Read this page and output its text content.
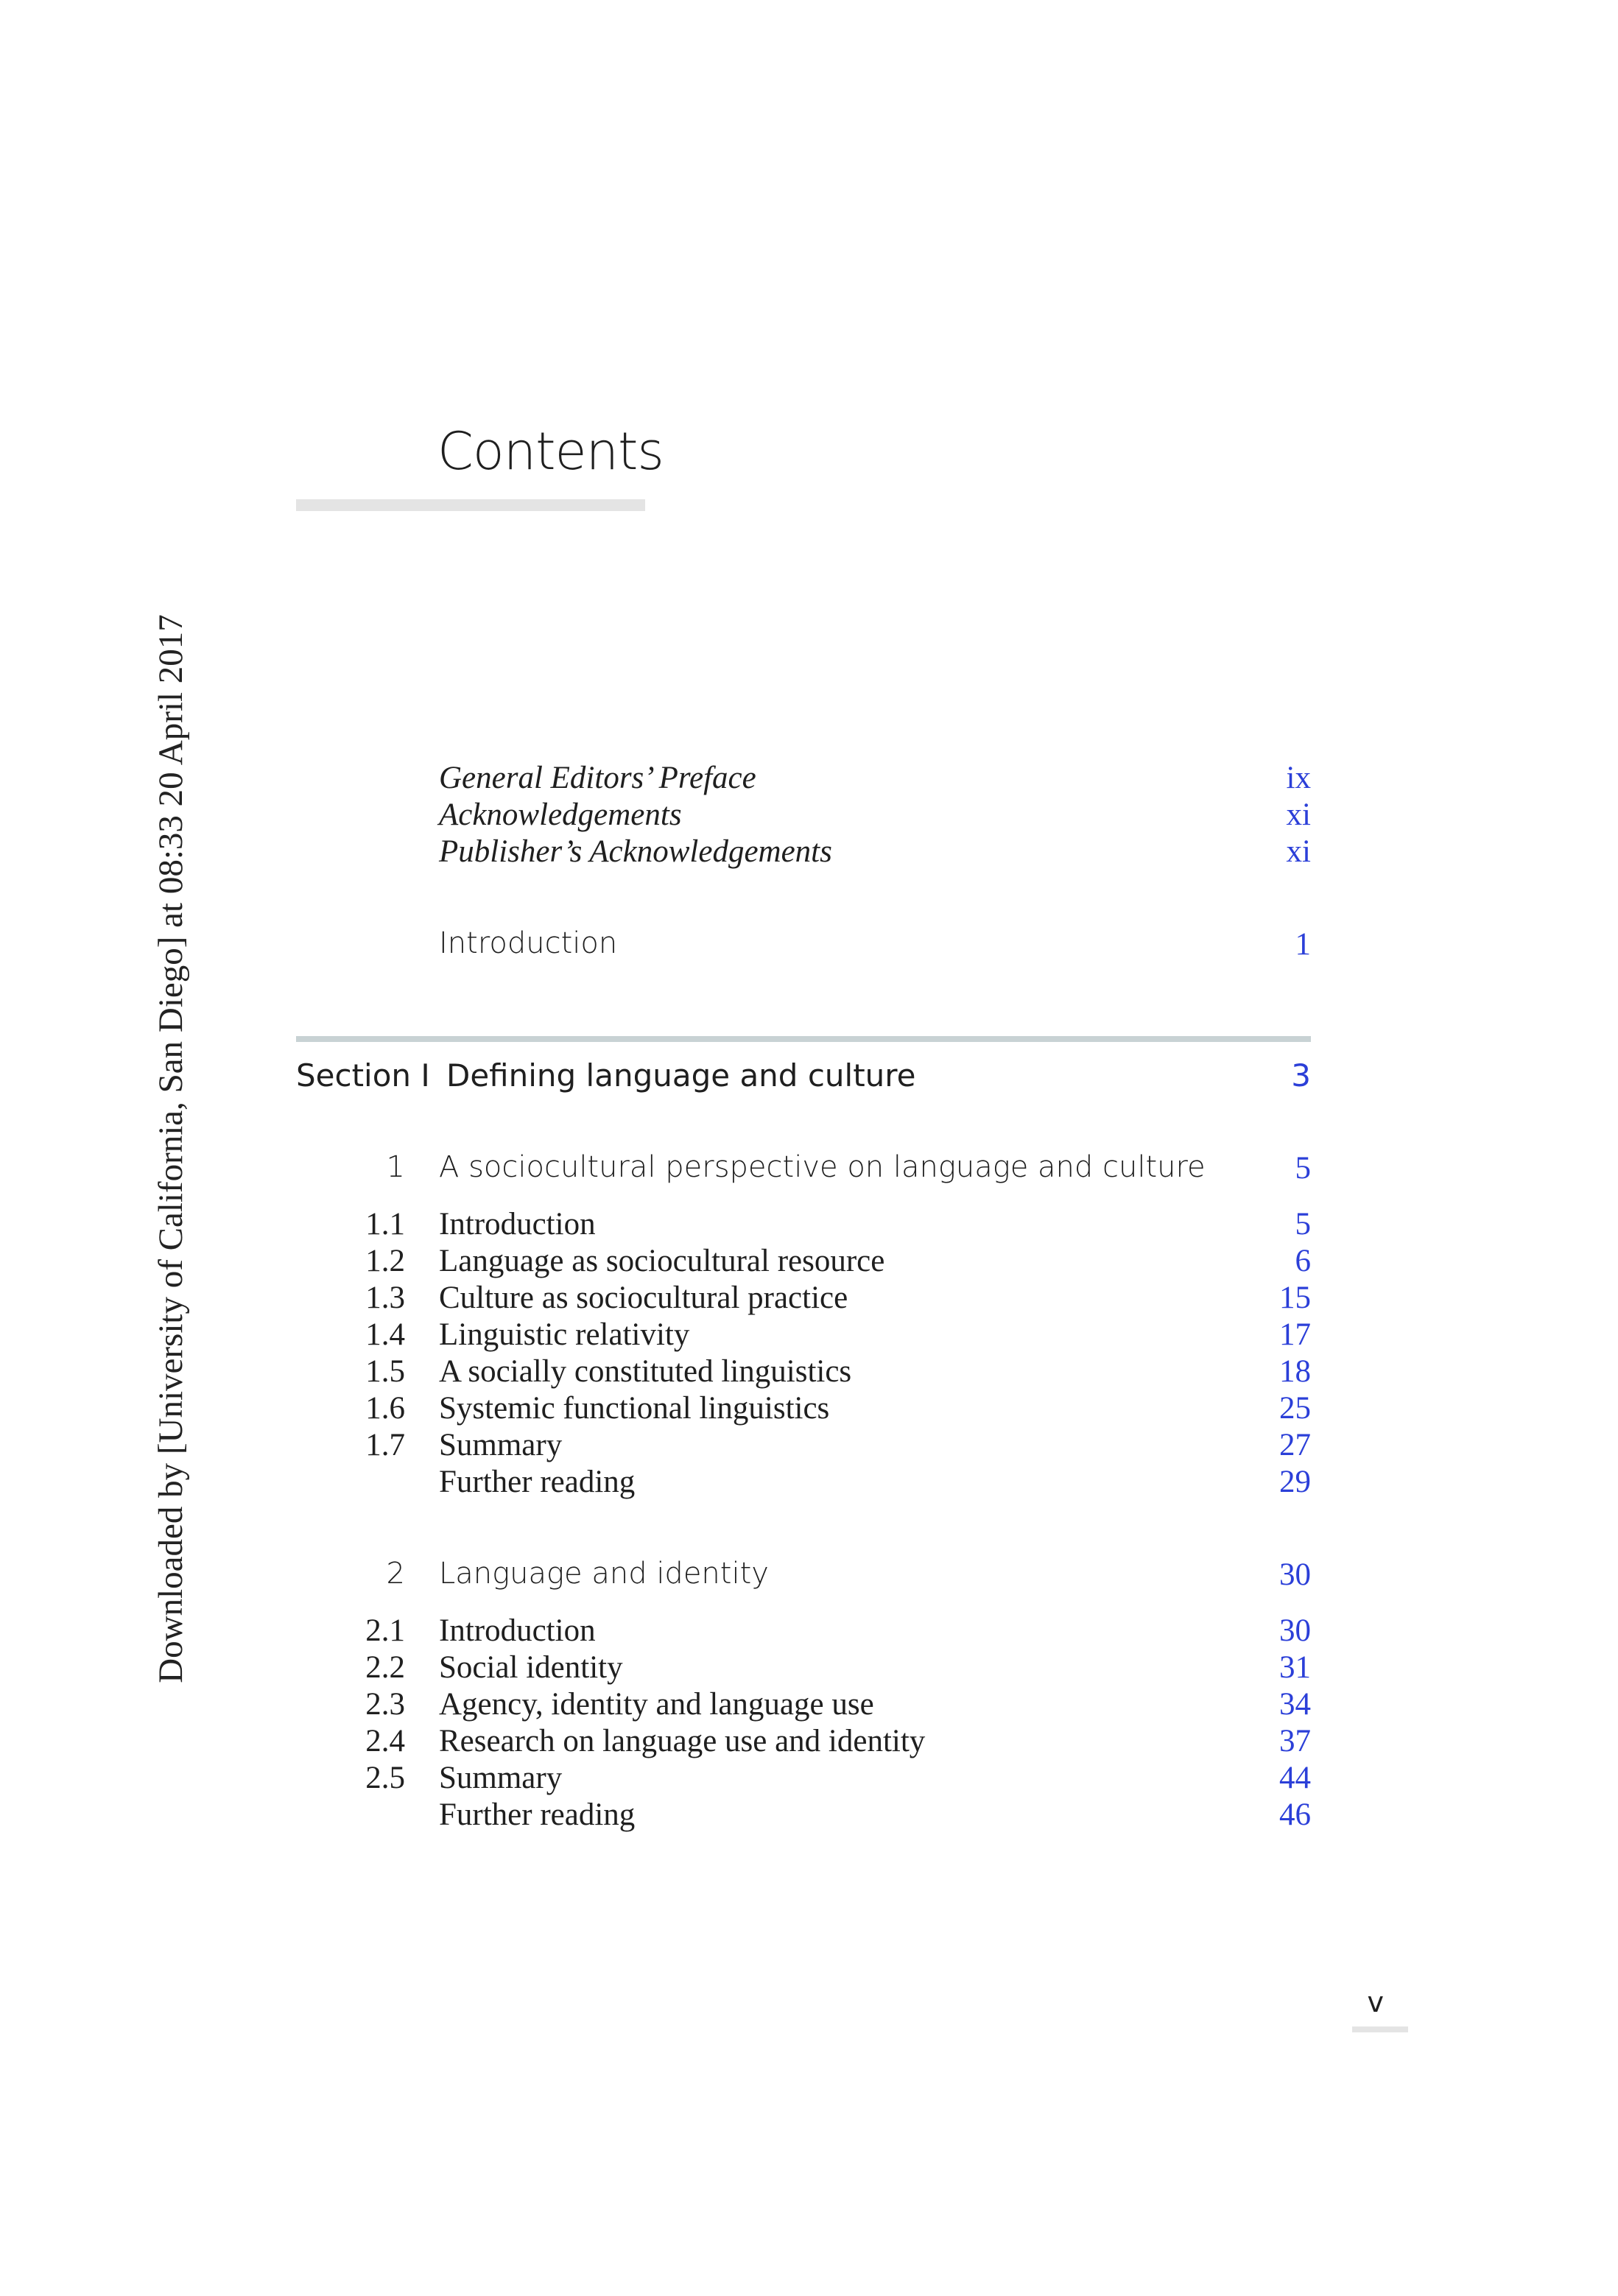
Downloaded by [University of California, San Diego] at 08:33 20 April 2017
Contents
General Editors’ Preface	ix
Acknowledgements	xi
Publisher’s Acknowledgements	xi
Introduction	1
Section I Defining language and culture	3
1 A sociocultural perspective on language and culture	5
1.1 Introduction	5
1.2 Language as sociocultural resource	6
1.3 Culture as sociocultural practice	15
1.4 Linguistic relativity	17
1.5 A socially constituted linguistics	18
1.6 Systemic functional linguistics	25
1.7 Summary	27
Further reading	29
2 Language and identity	30
2.1 Introduction	30
2.2 Social identity	31
2.3 Agency, identity and language use	34
2.4 Research on language use and identity	37
2.5 Summary	44
Further reading	46
v
